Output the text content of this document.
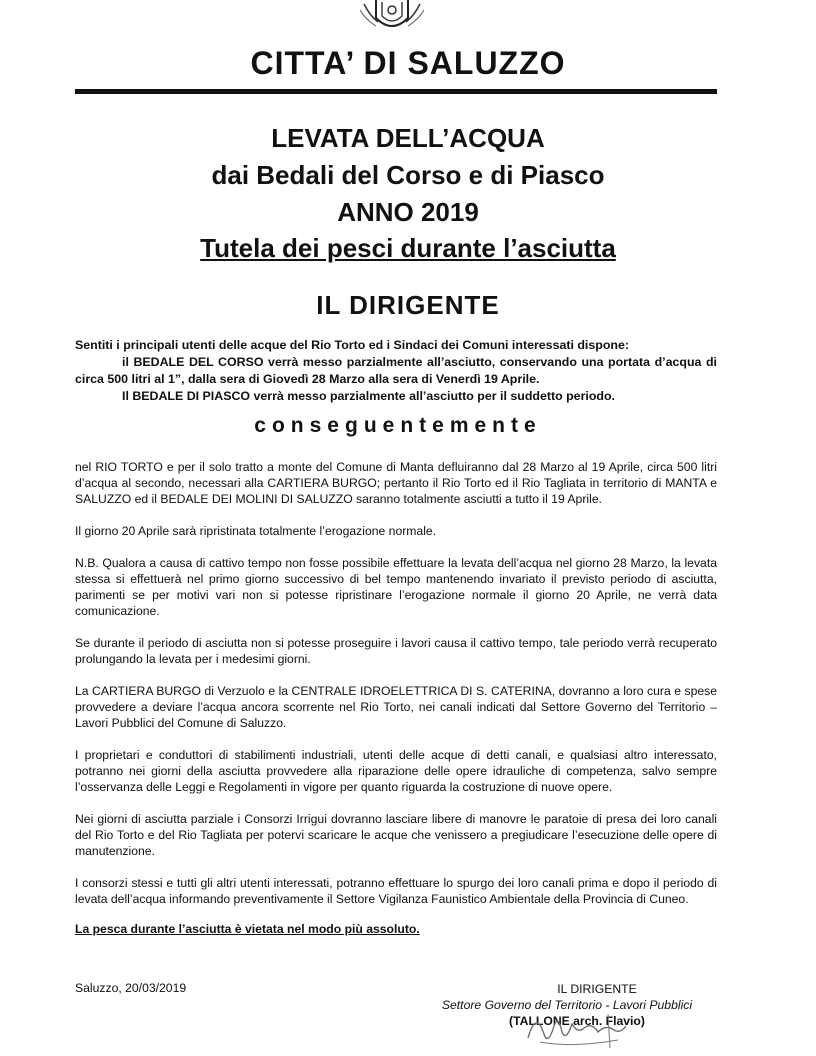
CITTA’ DI SALUZZO
LEVATA DELL’ACQUA
dai Bedali del Corso e di Piasco
ANNO 2019
Tutela dei pesci durante l’asciutta
IL DIRIGENTE

Sentiti i principali utenti delle acque del Rio Torto ed i Sindaci dei Comuni interessati dispone:

il BEDALE DEL CORSO verrà messo parzialmente all’asciutto, conservando una portata d’acqua di circa 500 litri al 1”, dalla sera di Giovedì 28 Marzo alla sera di Venerdì 19 Aprile.

Il BEDALE DI PIASCO verrà messo parzialmente all’asciutto per il suddetto periodo.

conseguentemente

nel RIO TORTO e per il solo tratto a monte del Comune di Manta defluiranno dal 28 Marzo al 19 Aprile, circa 500 litri d’acqua al secondo, necessari alla CARTIERA BURGO; pertanto il Rio Torto ed il Rio Tagliata in territorio di MANTA e SALUZZO ed il BEDALE DEI MOLINI DI SALUZZO saranno totalmente asciutti a tutto il 19 Aprile.

Il giorno 20 Aprile sarà ripristinata totalmente l’erogazione normale.

N.B. Qualora a causa di cattivo tempo non fosse possibile effettuare la levata dell’acqua nel giorno 28 Marzo, la levata stessa si effettuerà nel primo giorno successivo di bel tempo mantenendo invariato il previsto periodo di asciutta, parimenti se per motivi vari non si potesse ripristinare l’erogazione normale il giorno 20 Aprile, ne verrà data comunicazione.

Se durante il periodo di asciutta non si potesse proseguire i lavori causa il cattivo tempo, tale periodo verrà recuperato prolungando la levata per i medesimi giorni.

La CARTIERA BURGO di Verzuolo e la CENTRALE IDROELETTRICA DI S. CATERINA, dovranno a loro cura e spese provvedere a deviare l’acqua ancora scorrente nel Rio Torto, nei canali indicati dal Settore Governo del Territorio – Lavori Pubblici del Comune di Saluzzo.

I proprietari e conduttori di stabilimenti industriali, utenti delle acque di detti canali, e qualsiasi altro interessato, potranno nei giorni della asciutta provvedere alla riparazione delle opere idrauliche di competenza, salvo sempre l’osservanza delle Leggi e Regolamenti in vigore per quanto riguarda la costruzione di nuove opere.

Nei giorni di asciutta parziale i Consorzi Irrigui dovranno lasciare libere di manovre le paratoie di presa dei loro canali del Rio Torto e del Rio Tagliata per potervi scaricare le acque che venissero a pregiudicare l’esecuzione delle opere di manutenzione.

I consorzi stessi e tutti gli altri utenti interessati, potranno effettuare lo spurgo dei loro canali prima e dopo il periodo di levata dell’acqua informando preventivamente il Settore Vigilanza Faunistico Ambientale della Provincia di Cuneo.

La pesca durante l’asciutta è vietata nel modo più assoluto.

Saluzzo, 20/03/2019	IL DIRIGENTE
Settore Governo del Territorio - Lavori Pubblici
(TALLONE arch. Flavio)
